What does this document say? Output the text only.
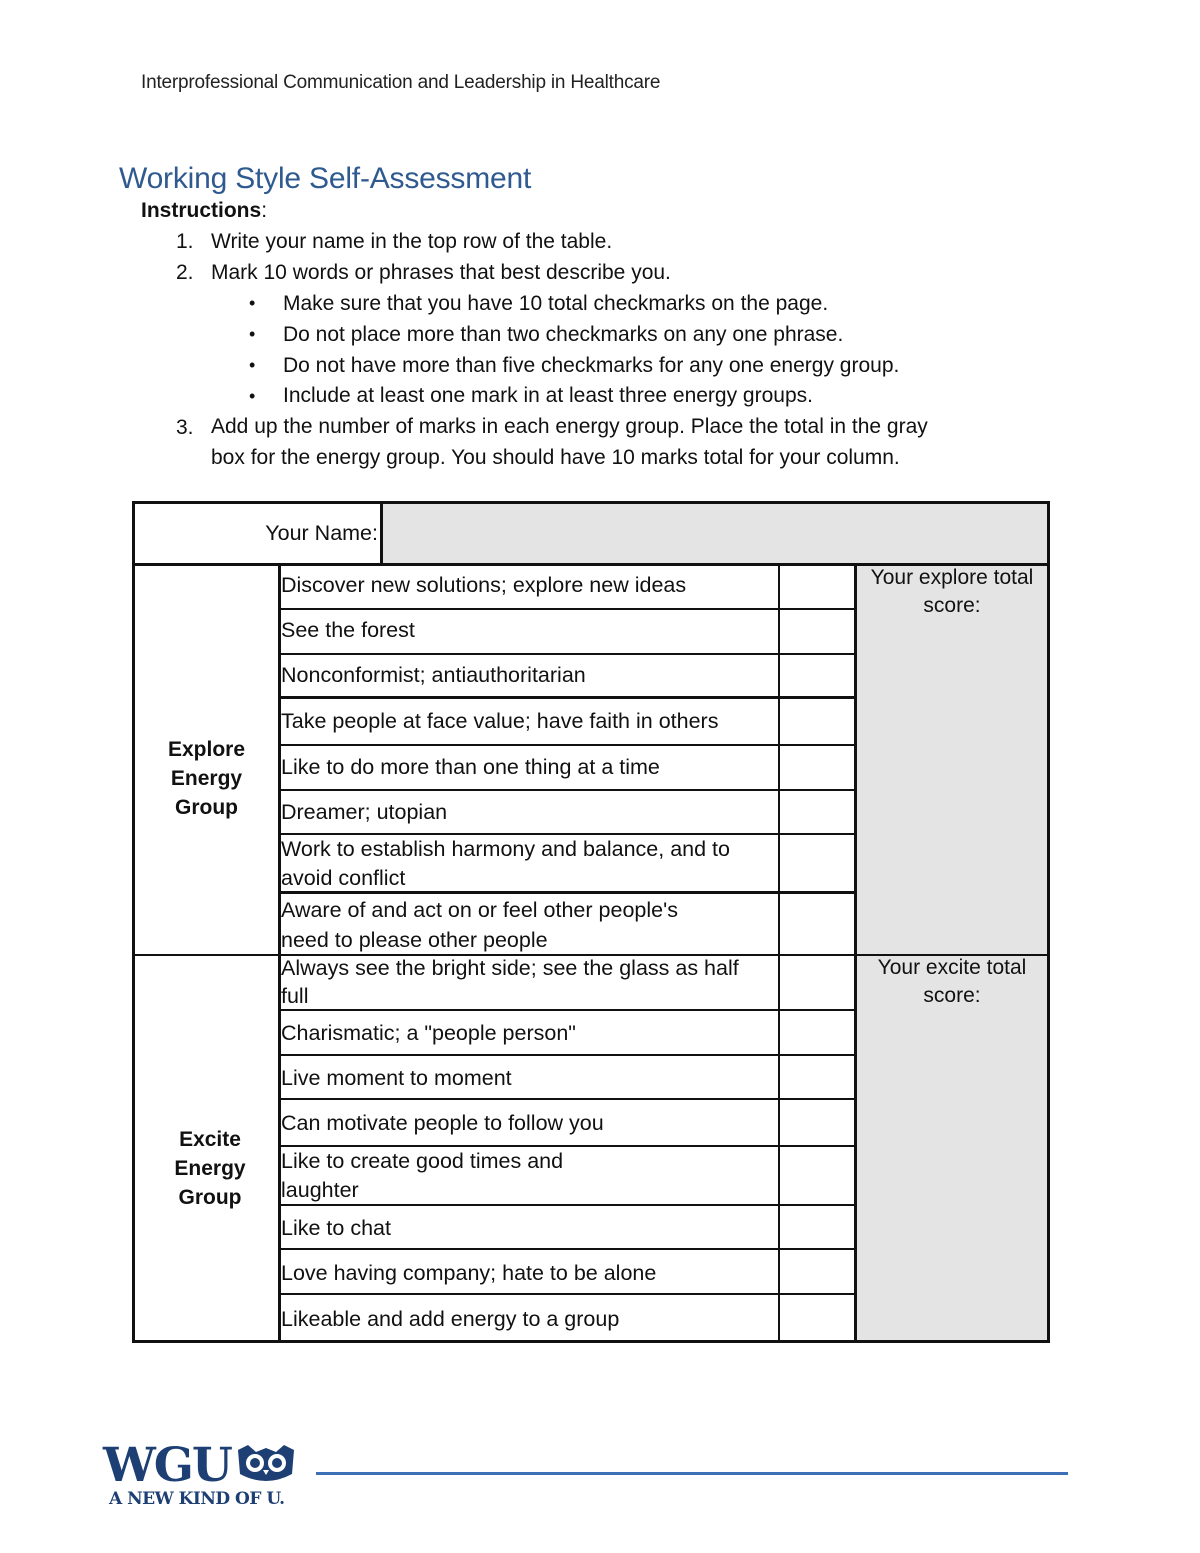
Interprofessional Communication and Leadership in Healthcare
Working Style Self-Assessment
Instructions:
1. Write your name in the top row of the table.
2. Mark 10 words or phrases that best describe you.
• Make sure that you have 10 total checkmarks on the page.
• Do not place more than two checkmarks on any one phrase.
• Do not have more than five checkmarks for any one energy group.
• Include at least one mark in at least three energy groups.
3. Add up the number of marks in each energy group. Place the total in the gray
box for the energy group. You should have 10 marks total for your column.
Your Name:
Your explore total
score:
Your excite total
score:
Explore
Energy
Group
Excite
Energy
Group
Discover new solutions; explore new ideas
See the forest
Nonconformist; antiauthoritarian
Take people at face value; have faith in others
Like to do more than one thing at a time
Dreamer; utopian
Work to establish harmony and balance, and to
avoid conflict
Aware of and act on or feel other people's
need to please other people
Always see the bright side; see the glass as half
full
Charismatic; a "people person"
Live moment to moment
Can motivate people to follow you
Like to create good times and
laughter
Like to chat
Love having company; hate to be alone
Likeable and add energy to a group
WGU
A NEW KIND OF U.
